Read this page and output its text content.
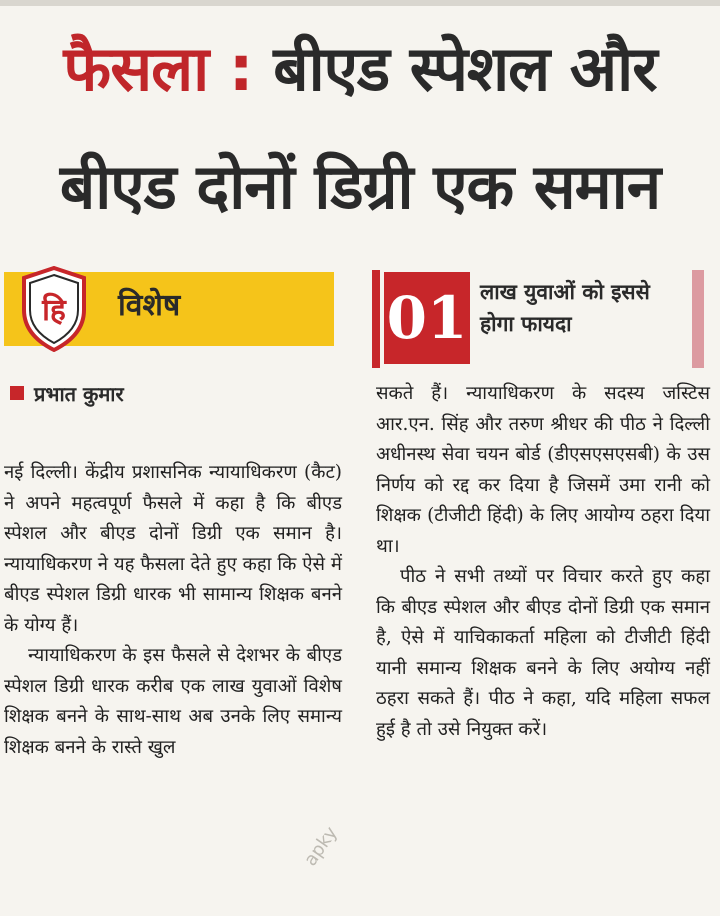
फैसला : बीएड स्पेशल और
बीएड दोनों डिग्री एक समान
हि विशेष	01 लाख युवाओं को इससे होगा फायदा
प्रभात कुमार

नई दिल्ली। केंद्रीय प्रशासनिक न्यायाधिकरण (कैट) ने अपने महत्वपूर्ण फैसले में कहा है कि बीएड स्पेशल और बीएड दोनों डिग्री एक समान है। न्यायाधिकरण ने यह फैसला देते हुए कहा कि ऐसे में बीएड स्पेशल डिग्री धारक भी सामान्य शिक्षक बनने के योग्य हैं।

न्यायाधिकरण के इस फैसले से देशभर के बीएड स्पेशल डिग्री धारक करीब एक लाख युवाओं विशेष शिक्षक बनने के साथ-साथ अब उनके लिए समान्य शिक्षक बनने के रास्ते खुल

सकते हैं। न्यायाधिकरण के सदस्य जस्टिस आर.एन. सिंह और तरुण श्रीधर की पीठ ने दिल्ली अधीनस्थ सेवा चयन बोर्ड (डीएसएसएसबी) के उस निर्णय को रद्द कर दिया है जिसमें उमा रानी को शिक्षक (टीजीटी हिंदी) के लिए आयोग्य ठहरा दिया था।

पीठ ने सभी तथ्यों पर विचार करते हुए कहा कि बीएड स्पेशल और बीएड दोनों डिग्री एक समान है, ऐसे में याचिकाकर्ता महिला को टीजीटी हिंदी यानी समान्य शिक्षक बनने के लिए अयोग्य नहीं ठहरा सकते हैं। पीठ ने कहा, यदि महिला सफल हुई है तो उसे नियुक्त करें।

apky
